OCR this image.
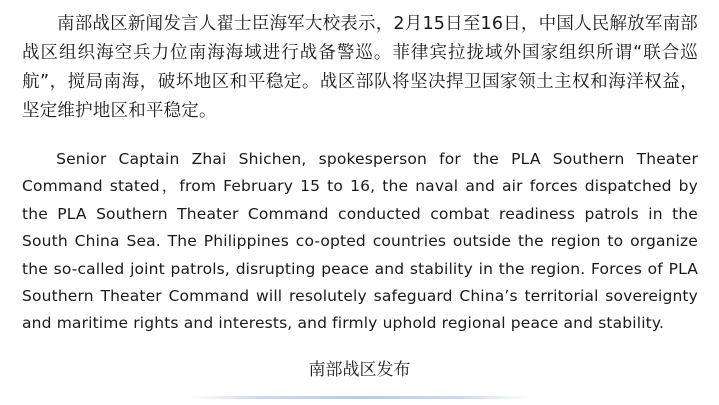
南部战区新闻发言人翟士臣海军大校表示，2月15日至16日，中国人民解放军南部战区组织海空兵力位南海海域进行战备警巡。菲律宾拉拢域外国家组织所谓“联合巡航”，搅局南海，破坏地区和平稳定。战区部队将坚决捍卫国家领土主权和海洋权益，坚定维护地区和平稳定。

Senior Captain Zhai Shichen, spokesperson for the PLA Southern Theater Command stated，from February 15 to 16, the naval and air forces dispatched by the PLA Southern Theater Command conducted combat readiness patrols in the South China Sea. The Philippines co-opted countries outside the region to organize the so-called joint patrols, disrupting peace and stability in the region. Forces of PLA Southern Theater Command will resolutely safeguard China’s territorial sovereignty and maritime rights and interests, and firmly uphold regional peace and stability.

南部战区发布
